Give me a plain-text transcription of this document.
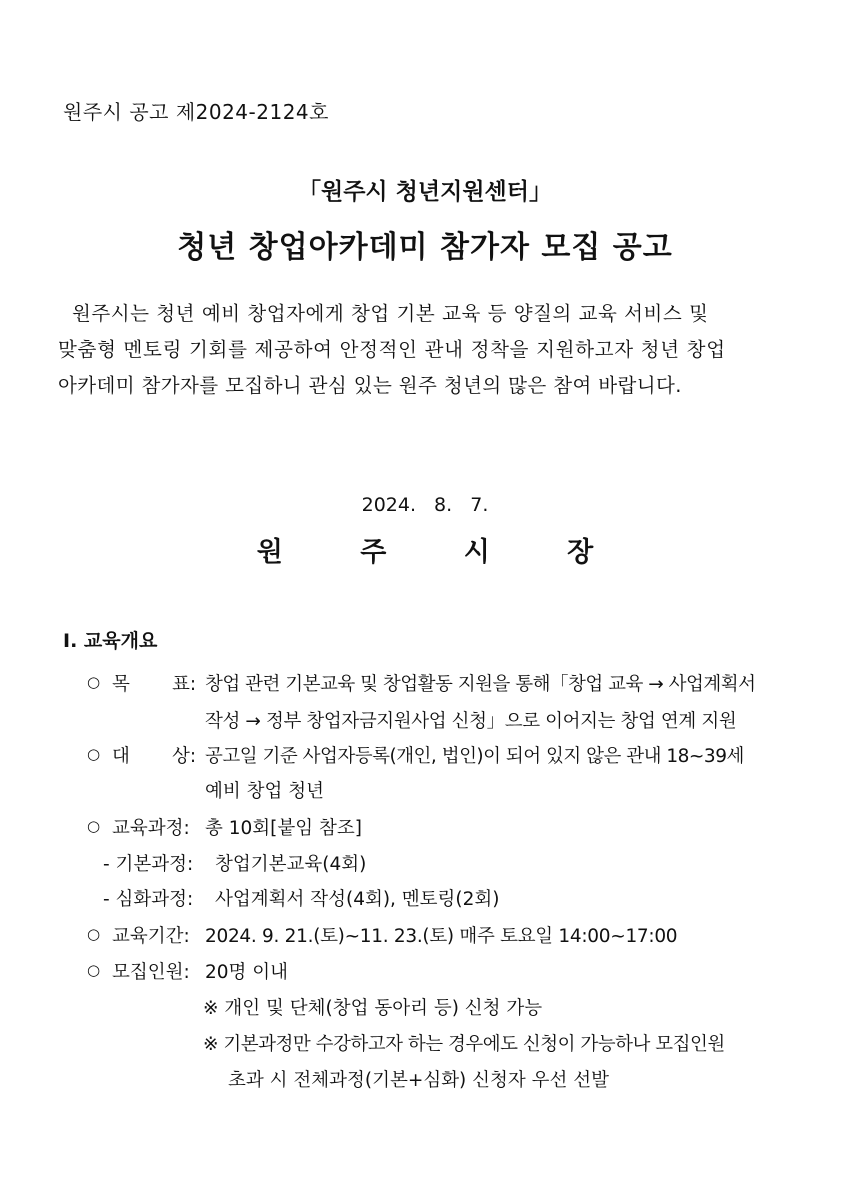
원주시 공고 제2024-2124호
「원주시 청년지원센터」
청년 창업아카데미 참가자 모집 공고
원주시는 청년 예비 창업자에게 창업 기본 교육 등 양질의 교육 서비스 및
맞춤형 멘토링 기회를 제공하여 안정적인 관내 정착을 지원하고자 청년 창업
아카데미 참가자를 모집하니 관심 있는 원주 청년의 많은 참여 바랍니다.
2024. 8. 7.
원 주 시 장
Ⅰ. 교육개요
○ 목 표: 창업 관련 기본교육 및 창업활동 지원을 통해「창업 교육 → 사업계획서
작성 → 정부 창업자금지원사업 신청」으로 이어지는 창업 연계 지원
○ 대 상: 공고일 기준 사업자등록(개인, 법인)이 되어 있지 않은 관내 18~39세
예비 창업 청년
○ 교육과정: 총 10회[붙임 참조]
- 기본과정: 창업기본교육(4회)
- 심화과정: 사업계획서 작성(4회), 멘토링(2회)
○ 교육기간: 2024. 9. 21.(토)~11. 23.(토) 매주 토요일 14:00~17:00
○ 모집인원: 20명 이내
※ 개인 및 단체(창업 동아리 등) 신청 가능
※ 기본과정만 수강하고자 하는 경우에도 신청이 가능하나 모집인원
초과 시 전체과정(기본+심화) 신청자 우선 선발
